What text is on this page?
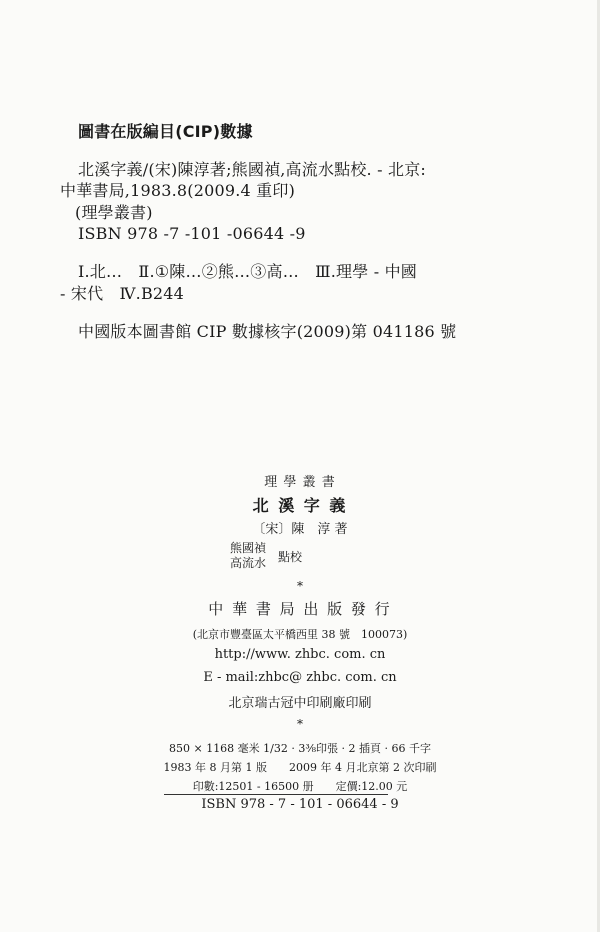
圖書在版編目(CIP)數據
北溪字義/(宋)陳淳著;熊國禎,高流水點校. - 北京:
中華書局,1983.8(2009.4 重印)
(理學叢書)
ISBN 978 -7 -101 -06644 -9
Ⅰ.北…　Ⅱ.①陳…②熊…③高…　Ⅲ.理學 - 中國
- 宋代　Ⅳ.B244
中國版本圖書館 CIP 數據核字(2009)第 041186 號
理 學 叢 書
北 溪 字 義
〔宋〕陳　淳 著
熊國禎
高流水 點校
*
中 華 書 局 出 版 發 行
(北京市豐臺區太平橋西里 38 號　100073)
http://www. zhbc. com. cn
E - mail:zhbc@ zhbc. com. cn
北京瑞古冠中印刷廠印刷
*
850 × 1168 毫米 1/32 · 3⅜印張 · 2 插頁 · 66 千字
1983 年 8 月第 1 版　　2009 年 4 月北京第 2 次印刷
印數:12501 - 16500 册　　定價:12.00 元
ISBN 978 - 7 - 101 - 06644 - 9
